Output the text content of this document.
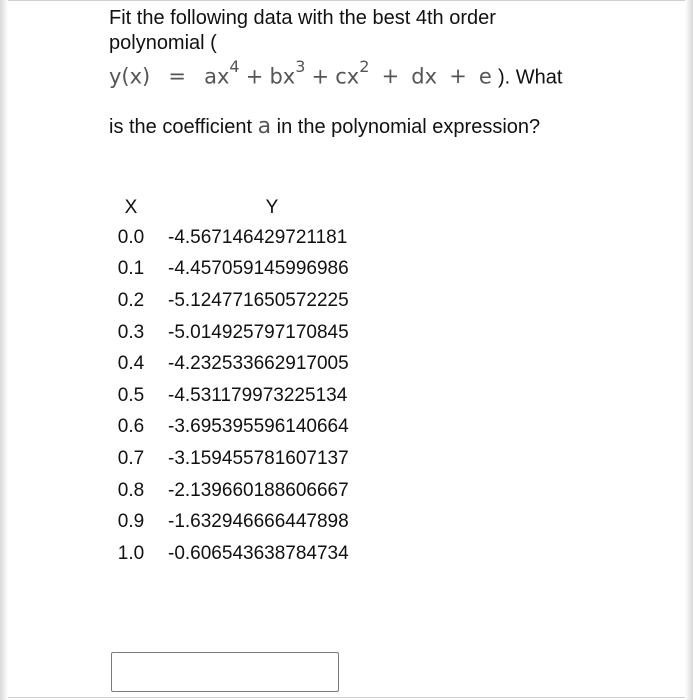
Fit the following data with the best 4th order
polynomial (
$y(x) = ax^4 + bx^3 + cx^2$ + dx + e ). What
is the coefficient a in the polynomial expression?
X	Y
0.0	-4.567146429721181
0.1	-4.457059145996986
0.2	-5.124771650572225
0.3	-5.014925797170845
0.4	-4.232533662917005
0.5	-4.531179973225134
0.6	-3.695395596140664
0.7	-3.159455781607137
0.8	-2.139660188606667
0.9	-1.632946666447898
1.0	-0.606543638784734
